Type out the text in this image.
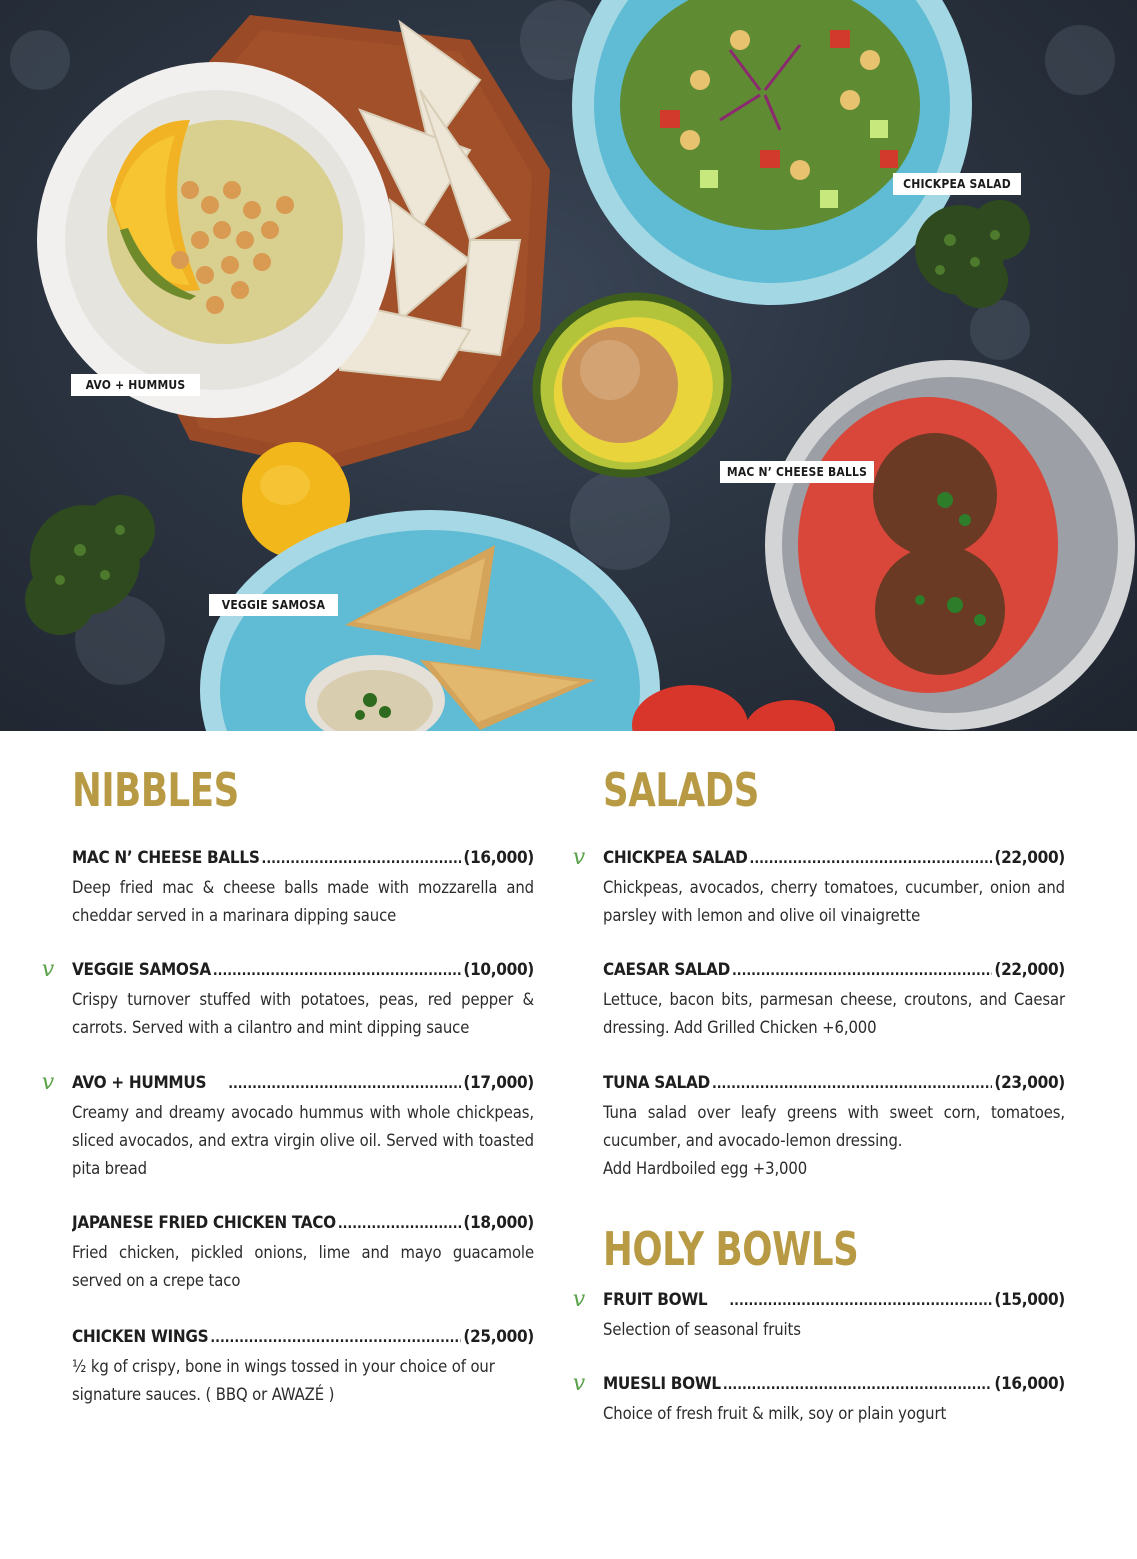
CHICKPEA SALAD
AVO + HUMMUS
MAC N’ CHEESE BALLS
VEGGIE SAMOSA
NIBBLES
MAC N’ CHEESE BALLS .....	(16,000)
Deep fried mac & cheese balls made with mozzarella and cheddar served in a marinara dipping sauce
v	VEGGIE SAMOSA .....	(10,000)
Crispy turnover stuffed with potatoes, peas, red pepper & carrots. Served with a cilantro and mint dipping sauce
v	AVO + HUMMUS .....	(17,000)
Creamy and dreamy avocado hummus with whole chickpeas, sliced avocados, and extra virgin olive oil. Served with toasted pita bread
JAPANESE FRIED CHICKEN TACO .....	(18,000)
Fried chicken, pickled onions, lime and mayo guacamole served on a crepe taco
CHICKEN WINGS .....	(25,000)
½ kg of crispy, bone in wings tossed in your choice of our signature sauces. ( BBQ or AWAZÉ )
SALADS
v	CHICKPEA SALAD .....	(22,000)
Chickpeas, avocados, cherry tomatoes, cucumber, onion and parsley with lemon and olive oil vinaigrette
CAESAR SALAD .....	(22,000)
Lettuce, bacon bits, parmesan cheese, croutons, and Caesar dressing. Add Grilled Chicken +6,000
TUNA SALAD .....	(23,000)
Tuna salad over leafy greens with sweet corn, tomatoes, cucumber, and avocado-lemon dressing.
Add Hardboiled egg +3,000
HOLY BOWLS
v	FRUIT BOWL .....	(15,000)
Selection of seasonal fruits
v	MUESLI BOWL .....	(16,000)
Choice of fresh fruit & milk, soy or plain yogurt
